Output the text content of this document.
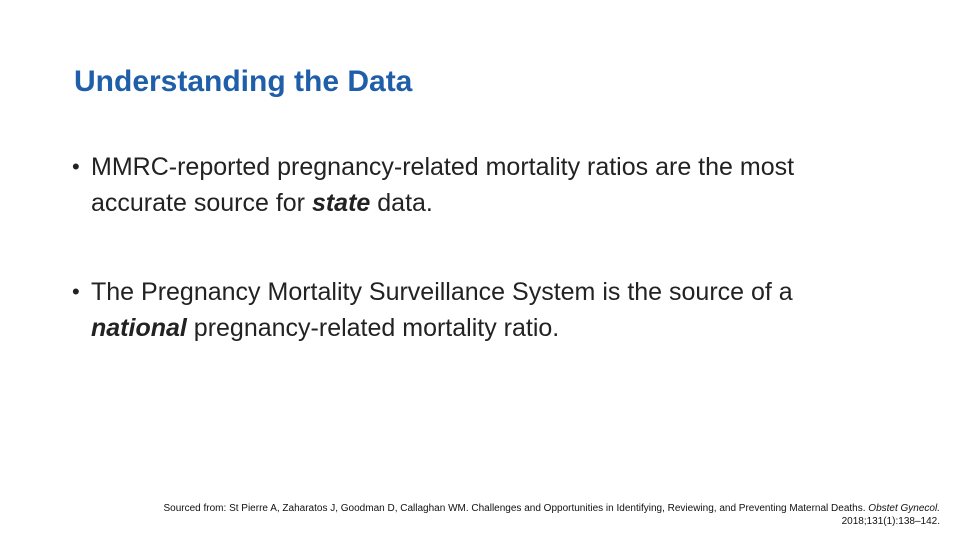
Understanding the Data
• MMRC-reported pregnancy-related mortality ratios are the most accurate source for state data.
• The Pregnancy Mortality Surveillance System is the source of a national pregnancy-related mortality ratio.
Sourced from: St Pierre A, Zaharatos J, Goodman D, Callaghan WM. Challenges and Opportunities in Identifying, Reviewing, and Preventing Maternal Deaths. Obstet Gynecol. 2018;131(1):138–142.
